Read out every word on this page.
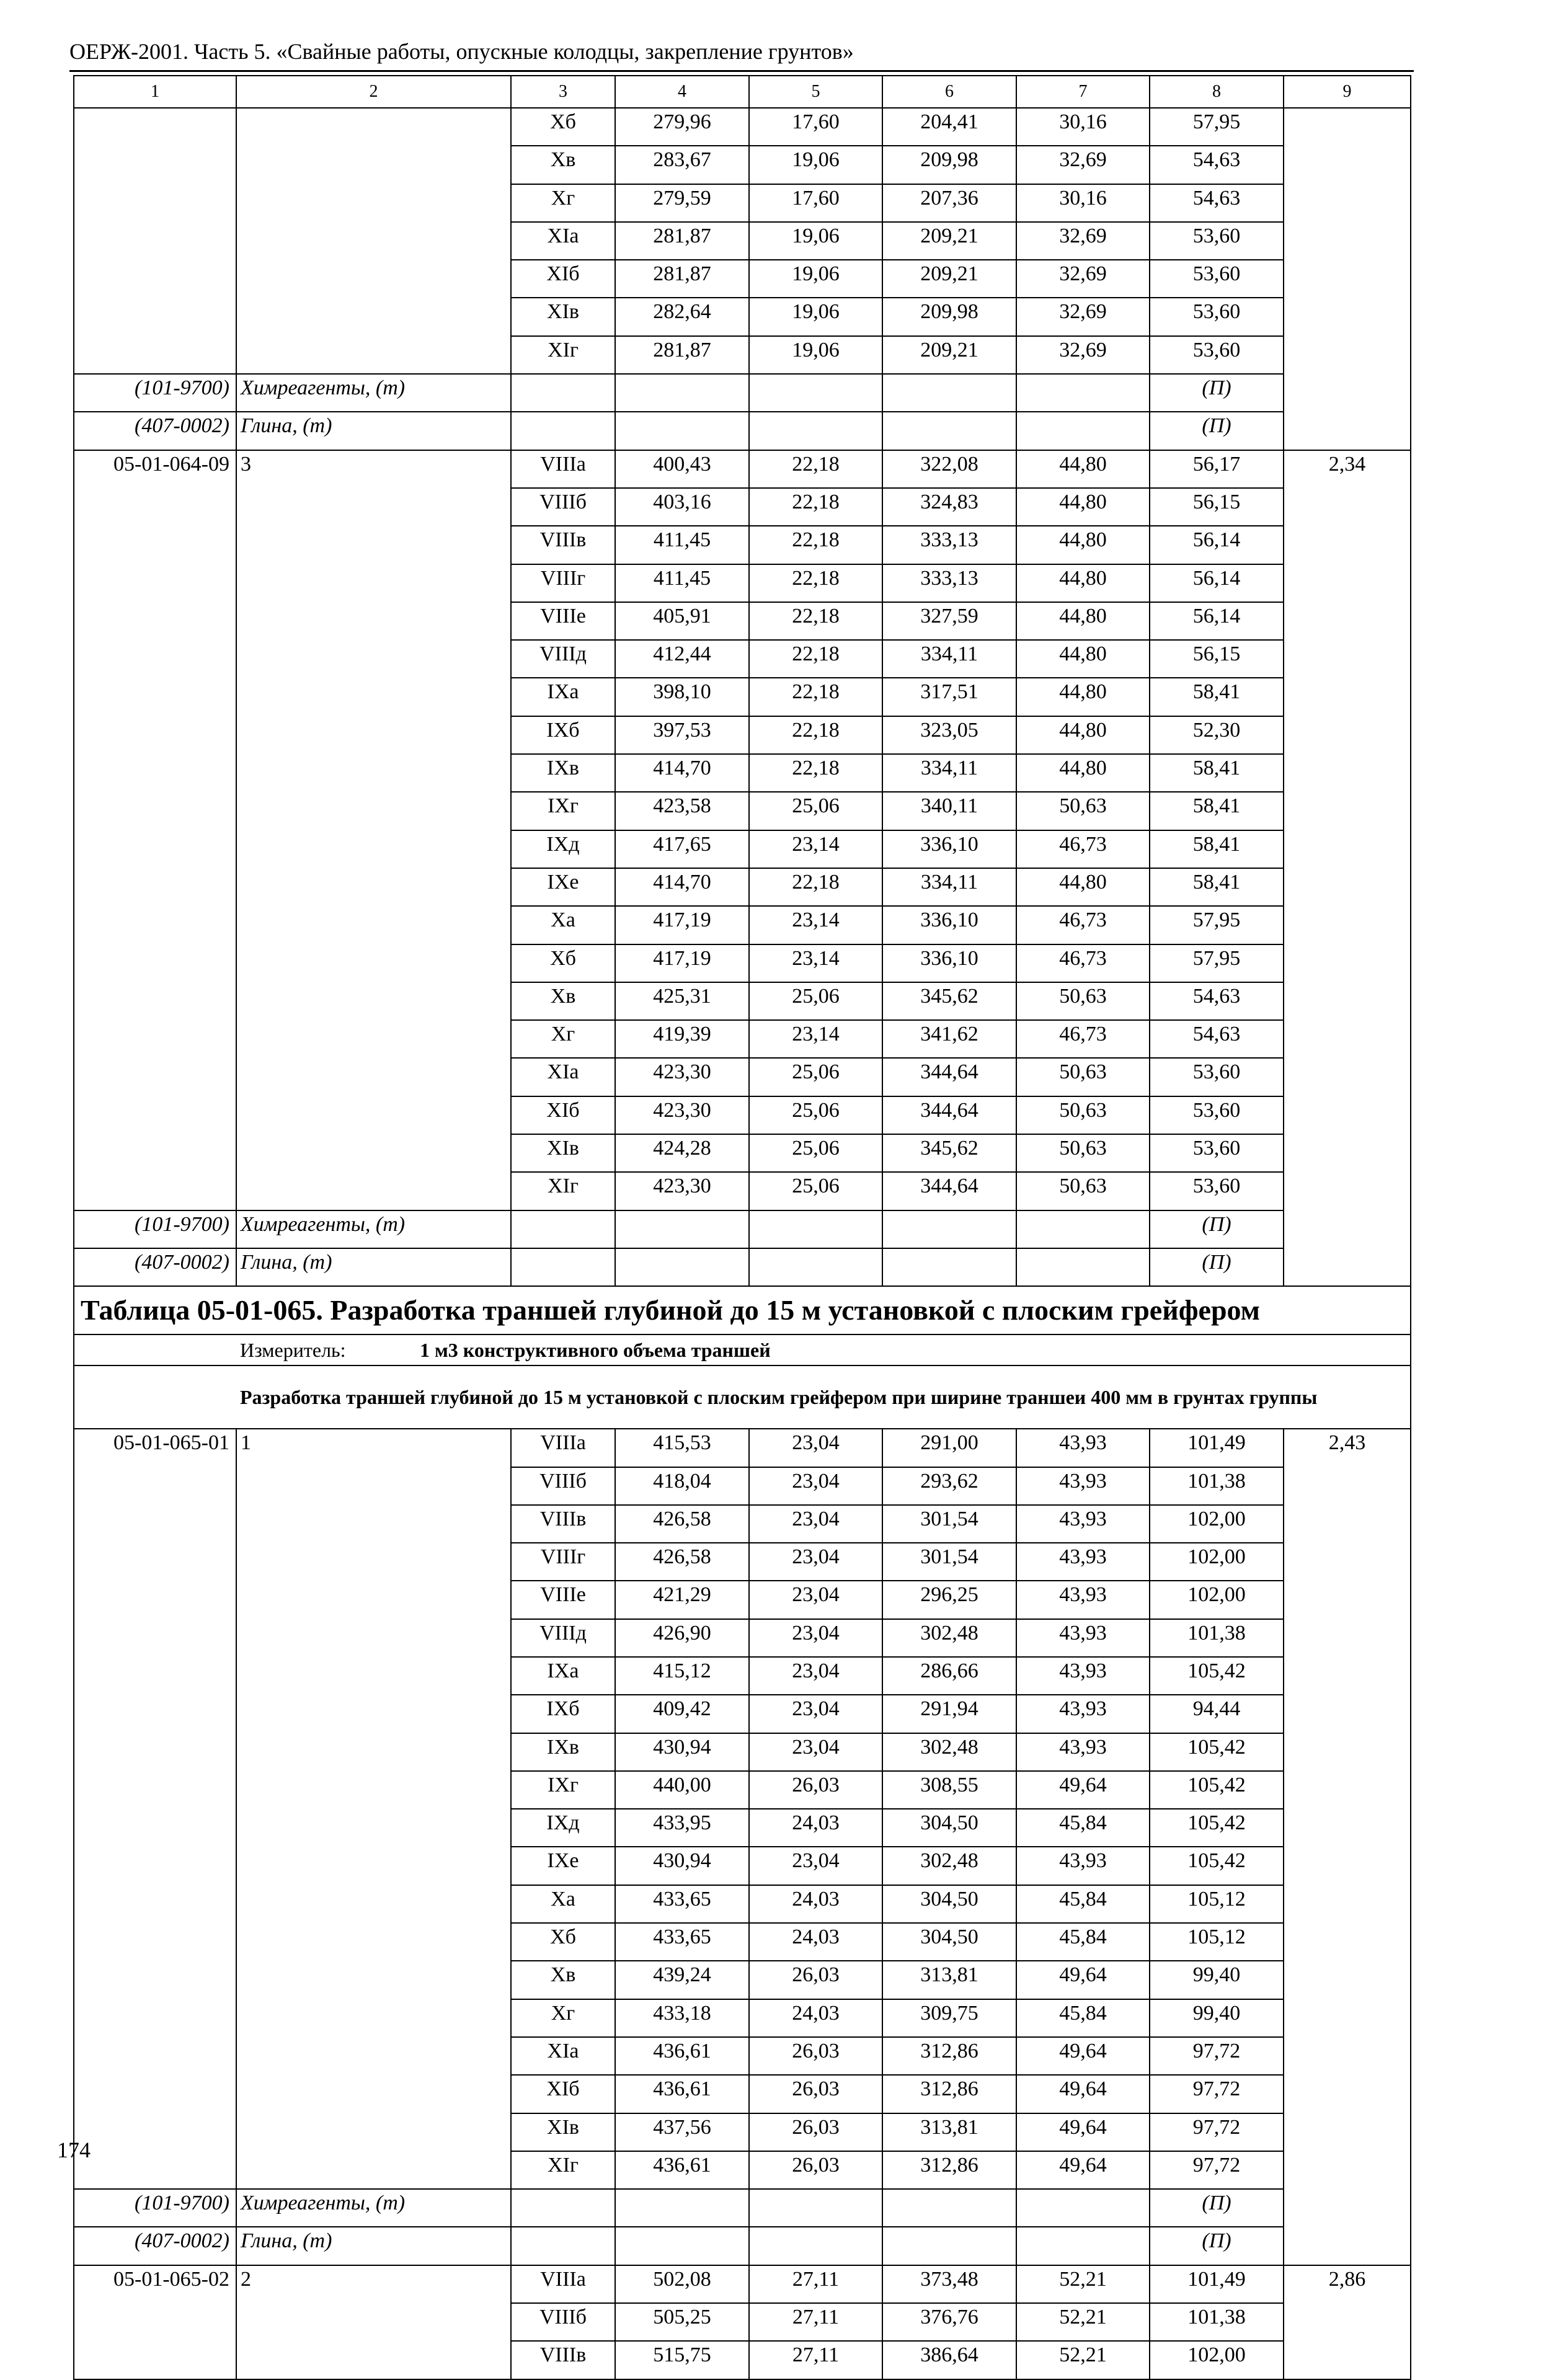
ОЕРЖ-2001. Часть 5. «Свайные работы, опускные колодцы, закрепление грунтов»
1	2	3	4	5	6	7	8	9
		Xб	279,96	17,60	204,41	30,16	57,95	
		Xв	283,67	19,06	209,98	32,69	54,63	
		Xг	279,59	17,60	207,36	30,16	54,63	
		XIа	281,87	19,06	209,21	32,69	53,60	
		XIб	281,87	19,06	209,21	32,69	53,60	
		XIв	282,64	19,06	209,98	32,69	53,60	
		XIг	281,87	19,06	209,21	32,69	53,60	
(101-9700)	Химреагенты, (т)						(П)	
(407-0002)	Глина, (т)						(П)	
05-01-064-09	3	VIIIа	400,43	22,18	322,08	44,80	56,17	2,34
		VIIIб	403,16	22,18	324,83	44,80	56,15	
		VIIIв	411,45	22,18	333,13	44,80	56,14	
		VIIIг	411,45	22,18	333,13	44,80	56,14	
		VIIIе	405,91	22,18	327,59	44,80	56,14	
		VIIIд	412,44	22,18	334,11	44,80	56,15	
		IXа	398,10	22,18	317,51	44,80	58,41	
		IXб	397,53	22,18	323,05	44,80	52,30	
		IXв	414,70	22,18	334,11	44,80	58,41	
		IXг	423,58	25,06	340,11	50,63	58,41	
		IXд	417,65	23,14	336,10	46,73	58,41	
		IXе	414,70	22,18	334,11	44,80	58,41	
		Xа	417,19	23,14	336,10	46,73	57,95	
		Xб	417,19	23,14	336,10	46,73	57,95	
		Xв	425,31	25,06	345,62	50,63	54,63	
		Xг	419,39	23,14	341,62	46,73	54,63	
		XIа	423,30	25,06	344,64	50,63	53,60	
		XIб	423,30	25,06	344,64	50,63	53,60	
		XIв	424,28	25,06	345,62	50,63	53,60	
		XIг	423,30	25,06	344,64	50,63	53,60	
(101-9700)	Химреагенты, (т)						(П)	
(407-0002)	Глина, (т)						(П)	
Таблица 05-01-065. Разработка траншей глубиной до 15 м установкой с плоским грейфером								
	Измеритель: 1 м3 конструктивного объема траншей							
	Разработка траншей глубиной до 15 м установкой с плоским грейфером при ширине траншеи 400 мм в грунтах группы							
05-01-065-01	1	VIIIа	415,53	23,04	291,00	43,93	101,49	2,43
		VIIIб	418,04	23,04	293,62	43,93	101,38	
		VIIIв	426,58	23,04	301,54	43,93	102,00	
		VIIIг	426,58	23,04	301,54	43,93	102,00	
		VIIIе	421,29	23,04	296,25	43,93	102,00	
		VIIIд	426,90	23,04	302,48	43,93	101,38	
		IXа	415,12	23,04	286,66	43,93	105,42	
		IXб	409,42	23,04	291,94	43,93	94,44	
		IXв	430,94	23,04	302,48	43,93	105,42	
		IXг	440,00	26,03	308,55	49,64	105,42	
		IXд	433,95	24,03	304,50	45,84	105,42	
		IXе	430,94	23,04	302,48	43,93	105,42	
		Xа	433,65	24,03	304,50	45,84	105,12	
		Xб	433,65	24,03	304,50	45,84	105,12	
		Xв	439,24	26,03	313,81	49,64	99,40	
		Xг	433,18	24,03	309,75	45,84	99,40	
		XIа	436,61	26,03	312,86	49,64	97,72	
		XIб	436,61	26,03	312,86	49,64	97,72	
		XIв	437,56	26,03	313,81	49,64	97,72	
		XIг	436,61	26,03	312,86	49,64	97,72	
(101-9700)	Химреагенты, (т)						(П)	
(407-0002)	Глина, (т)						(П)	
05-01-065-02	2	VIIIа	502,08	27,11	373,48	52,21	101,49	2,86
		VIIIб	505,25	27,11	376,76	52,21	101,38	
		VIIIв	515,75	27,11	386,64	52,21	102,00	
174
